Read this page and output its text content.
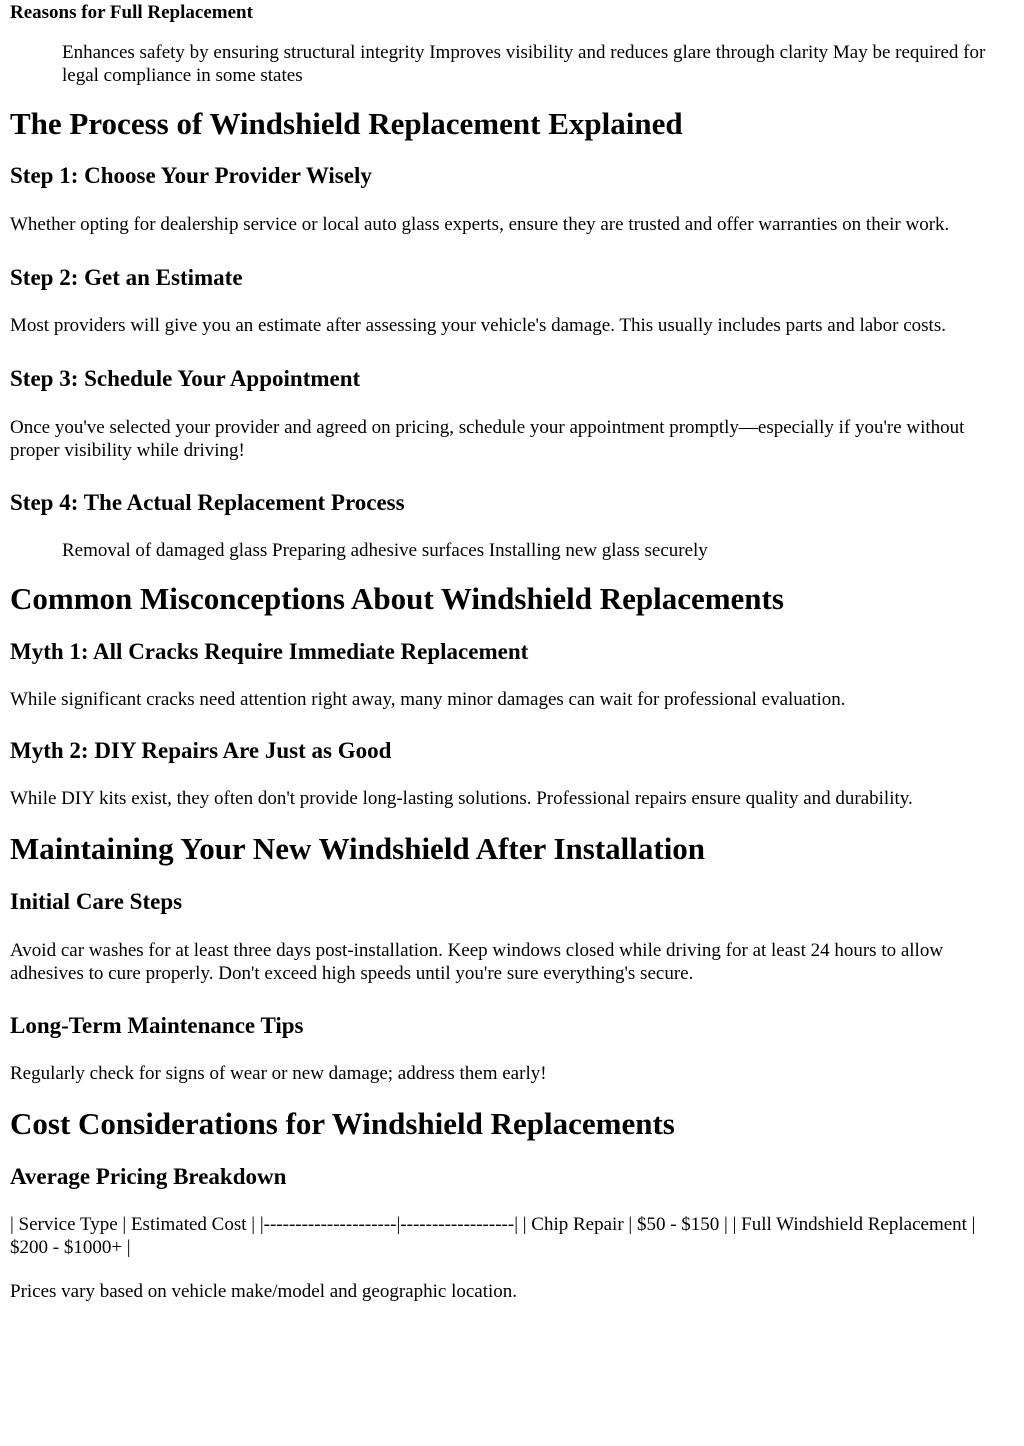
Reasons for Full Replacement
Enhances safety by ensuring structural integrity Improves visibility and reduces glare through clarity May be required for legal compliance in some states
The Process of Windshield Replacement Explained
Step 1: Choose Your Provider Wisely
Whether opting for dealership service or local auto glass experts, ensure they are trusted and offer warranties on their work.
Step 2: Get an Estimate
Most providers will give you an estimate after assessing your vehicle's damage. This usually includes parts and labor costs.
Step 3: Schedule Your Appointment
Once you've selected your provider and agreed on pricing, schedule your appointment promptly—especially if you're without proper visibility while driving!
Step 4: The Actual Replacement Process
Removal of damaged glass Preparing adhesive surfaces Installing new glass securely
Common Misconceptions About Windshield Replacements
Myth 1: All Cracks Require Immediate Replacement
While significant cracks need attention right away, many minor damages can wait for professional evaluation.
Myth 2: DIY Repairs Are Just as Good
While DIY kits exist, they often don't provide long-lasting solutions. Professional repairs ensure quality and durability.
Maintaining Your New Windshield After Installation
Initial Care Steps
Avoid car washes for at least three days post-installation. Keep windows closed while driving for at least 24 hours to allow adhesives to cure properly. Don't exceed high speeds until you're sure everything's secure.
Long-Term Maintenance Tips
Regularly check for signs of wear or new damage; address them early!
Cost Considerations for Windshield Replacements
Average Pricing Breakdown
| Service Type | Estimated Cost | |---------------------|------------------| | Chip Repair | $50 - $150 | | Full Windshield Replacement | $200 - $1000+ |
Prices vary based on vehicle make/model and geographic location.
